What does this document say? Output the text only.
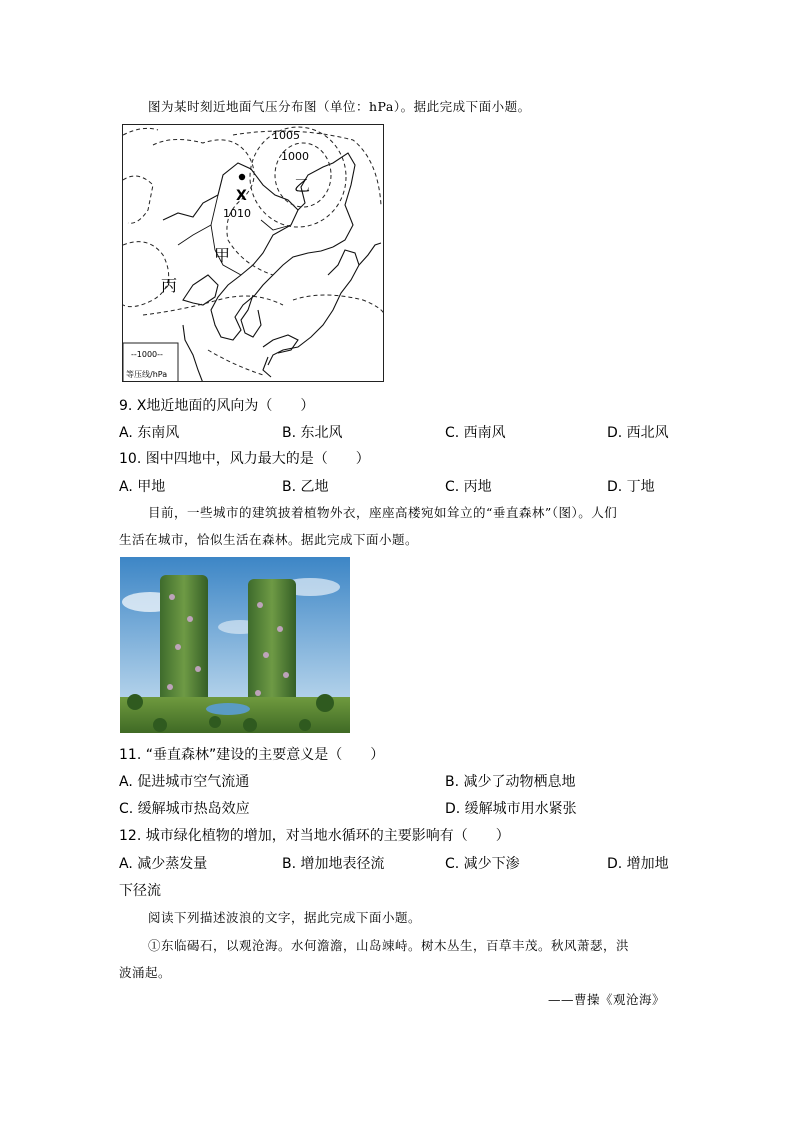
图为某时刻近地面气压分布图（单位：hPa）。据此完成下面小题。
X
1005
1000
1010
乙
甲
丙
--1000--
等压线/hPa
9. X地近地面的风向为（　　）
A. 东南风	B. 东北风	C. 西南风	D. 西北风
10. 图中四地中，风力最大的是（　　）
A. 甲地	B. 乙地	C. 丙地	D. 丁地
目前，一些城市的建筑披着植物外衣，座座高楼宛如耸立的“垂直森林”（图）。人们
生活在城市，恰似生活在森林。据此完成下面小题。
11. “垂直森林”建设的主要意义是（　　）
A. 促进城市空气流通	B. 减少了动物栖息地
C. 缓解城市热岛效应	D. 缓解城市用水紧张
12. 城市绿化植物的增加，对当地水循环的主要影响有（　　）
A. 减少蒸发量	B. 增加地表径流	C. 减少下渗	D. 增加地
下径流
阅读下列描述波浪的文字，据此完成下面小题。
①东临碣石，以观沧海。水何澹澹，山岛竦峙。树木丛生，百草丰茂。秋风萧瑟，洪
波涌起。
——曹操《观沧海》
